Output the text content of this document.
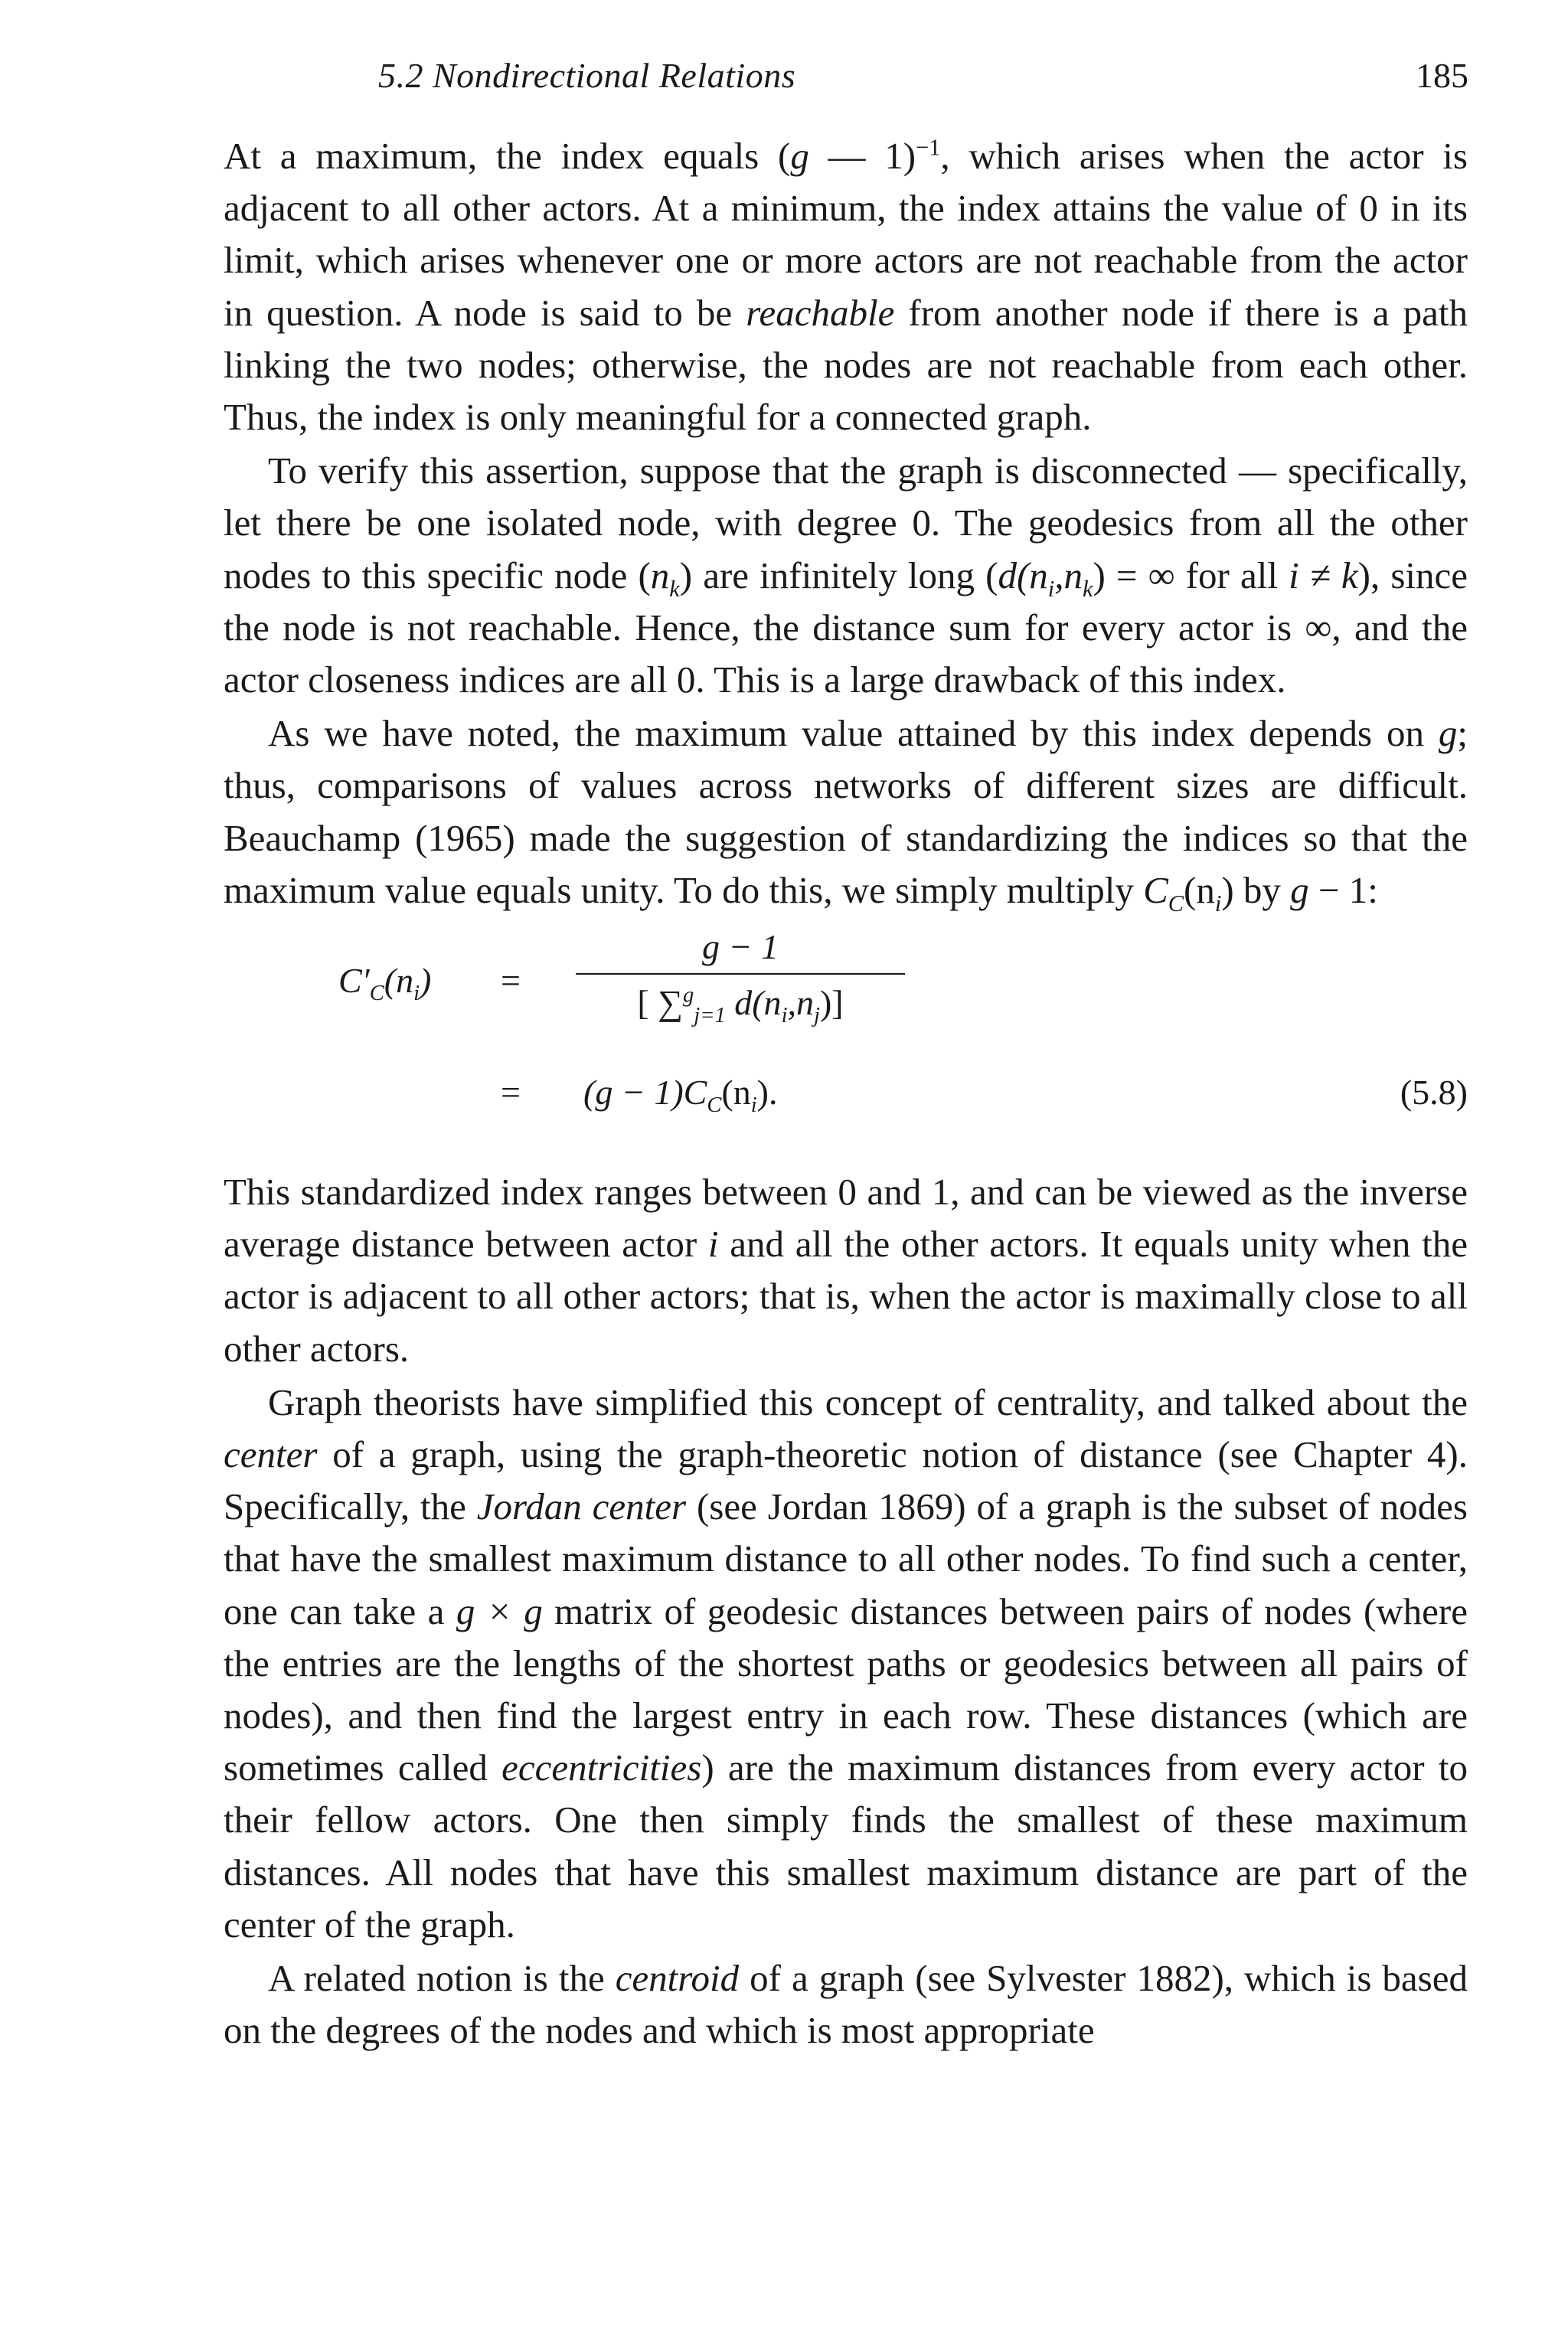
5.2 Nondirectional Relations	185

At a maximum, the index equals (g — 1)$^{-1}$, which arises when the actor is adjacent to all other actors. At a minimum, the index attains the value of 0 in its limit, which arises whenever one or more actors are not reachable from the actor in question. A node is said to be reachable from another node if there is a path linking the two nodes; otherwise, the nodes are not reachable from each other. Thus, the index is only meaningful for a connected graph.

To verify this assertion, suppose that the graph is disconnected — specifically, let there be one isolated node, with degree 0. The geodesics from all the other nodes to this specific node $(n_k)$ are infinitely long ($d(n_i,n_k)$ = ∞ for all i ≠ k), since the node is not reachable. Hence, the distance sum for every actor is ∞, and the actor closeness indices are all 0. This is a large drawback of this index.

As we have noted, the maximum value attained by this index depends on g; thus, comparisons of values across networks of different sizes are difficult. Beauchamp (1965) made the suggestion of standardizing the indices so that the maximum value equals unity. To do this, we simply multiply $C_C(n_i)$ by g − 1:

$C'_C(n_i)$ =
g − 1
[ ∑$^g_{j=1}$ $d(n_i,n_j)$]
= $(g - 1)C_C(n_i)$.	(5.8)

This standardized index ranges between 0 and 1, and can be viewed as the inverse average distance between actor i and all the other actors. It equals unity when the actor is adjacent to all other actors; that is, when the actor is maximally close to all other actors.

Graph theorists have simplified this concept of centrality, and talked about the center of a graph, using the graph-theoretic notion of distance (see Chapter 4). Specifically, the Jordan center (see Jordan 1869) of a graph is the subset of nodes that have the smallest maximum distance to all other nodes. To find such a center, one can take a g × g matrix of geodesic distances between pairs of nodes (where the entries are the lengths of the shortest paths or geodesics between all pairs of nodes), and then find the largest entry in each row. These distances (which are sometimes called eccentricities) are the maximum distances from every actor to their fellow actors. One then simply finds the smallest of these maximum distances. All nodes that have this smallest maximum distance are part of the center of the graph.

A related notion is the centroid of a graph (see Sylvester 1882), which is based on the degrees of the nodes and which is most appropriate
